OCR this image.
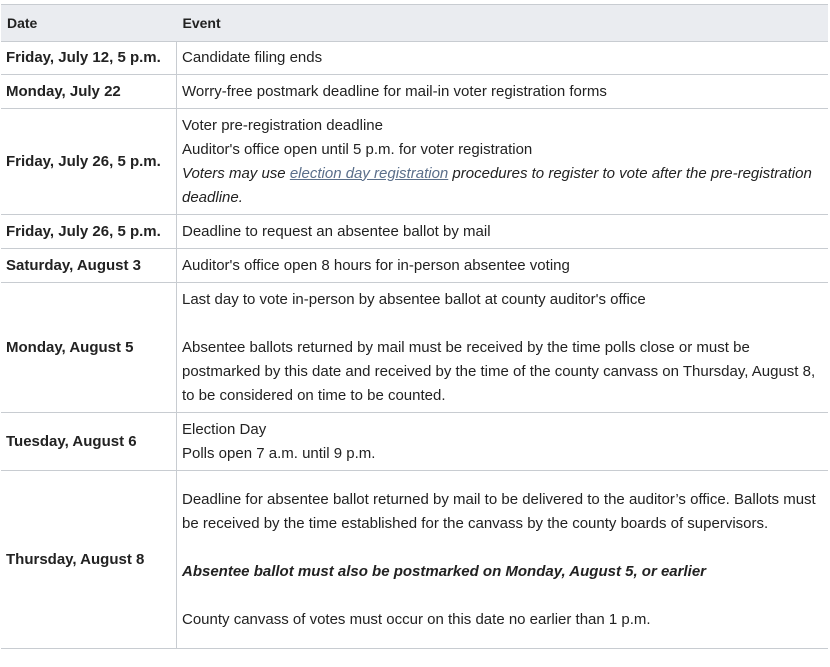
Date	Event
Friday, July 12, 5 p.m.	Candidate filing ends
Monday, July 22	Worry-free postmark deadline for mail-in voter registration forms
Friday, July 26, 5 p.m.	Voter pre-registration deadline
Auditor's office open until 5 p.m. for voter registration
Voters may use election day registration procedures to register to vote after the pre-registration deadline.
Friday, July 26, 5 p.m.	Deadline to request an absentee ballot by mail
Saturday, August 3	Auditor's office open 8 hours for in-person absentee voting
Monday, August 5	Last day to vote in-person by absentee ballot at county auditor's office
Absentee ballots returned by mail must be received by the time polls close or must be postmarked by this date and received by the time of the county canvass on Thursday, August 8, to be considered on time to be counted.

Tuesday, August 6	Election Day
Polls open 7 a.m. until 9 p.m.

Thursday, August 8	Deadline for absentee ballot returned by mail to be delivered to the auditor’s office. Ballots must be received by the time established for the canvass by the county boards of supervisors.
Absentee ballot must also be postmarked on Monday, August 5, or earlier
County canvass of votes must occur on this date no earlier than 1 p.m.
